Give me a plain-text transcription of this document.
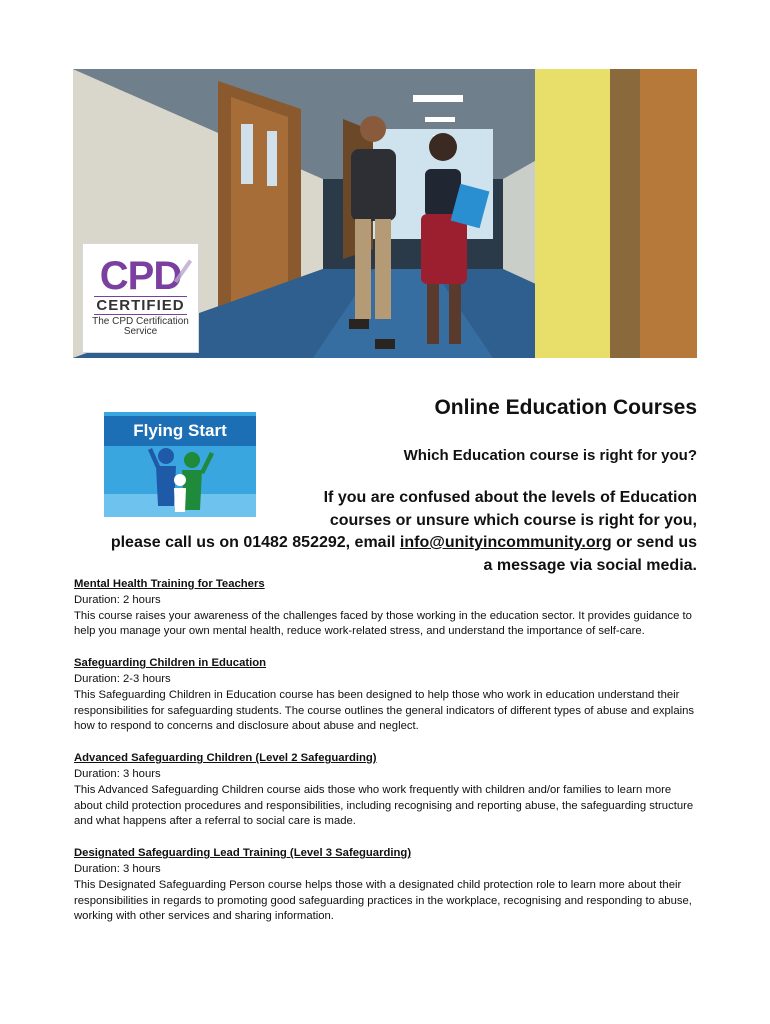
CPD
CERTIFIED
The CPD Certification
Service
Flying Start
Online Education Courses
Which Education course is right for you?

If you are confused about the levels of Education
courses or unsure which course is right for you,
please call us on 01482 852292, email info@unityincommunity.org or send us
a message via social media.

Mental Health Training for Teachers
Duration: 2 hours
This course raises your awareness of the challenges faced by those working in the education sector. It provides guidance to help you manage your own mental health, reduce work-related stress, and understand the importance of self-care.
Safeguarding Children in Education
Duration: 2-3 hours
This Safeguarding Children in Education course has been designed to help those who work in education understand their responsibilities for safeguarding students. The course outlines the general indicators of different types of abuse and explains how to respond to concerns and disclosure about abuse and neglect.
Advanced Safeguarding Children (Level 2 Safeguarding)
Duration: 3 hours
This Advanced Safeguarding Children course aids those who work frequently with children and/or families to learn more about child protection procedures and responsibilities, including recognising and reporting abuse, the safeguarding structure and what happens after a referral to social care is made.
Designated Safeguarding Lead Training (Level 3 Safeguarding)
Duration: 3 hours
This Designated Safeguarding Person course helps those with a designated child protection role to learn more about their responsibilities in regards to promoting good safeguarding practices in the workplace, recognising and responding to abuse, working with other services and sharing information.
